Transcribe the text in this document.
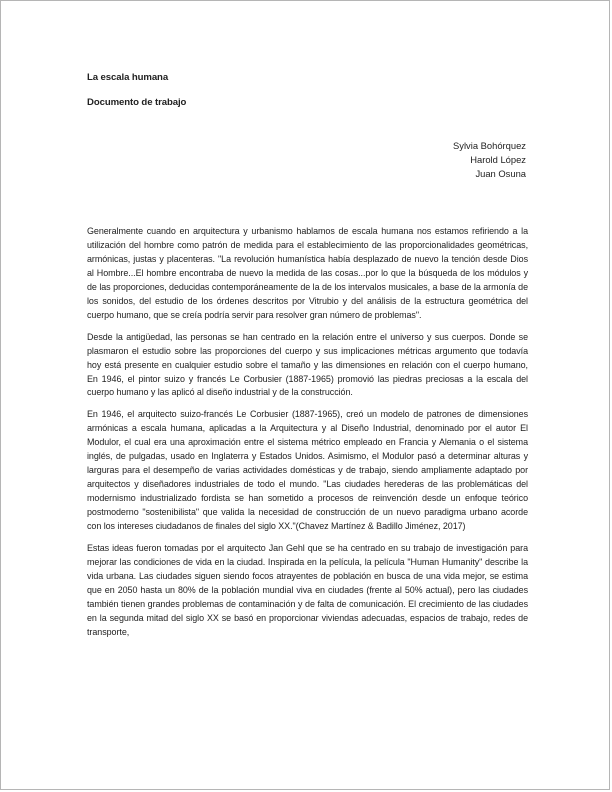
La escala humana
Documento de trabajo
Sylvia Bohórquez
Harold López
Juan Osuna

Generalmente cuando en arquitectura y urbanismo hablamos de escala humana nos estamos refiriendo a la utilización del hombre como patrón de medida para el establecimiento de las proporcionalidades geométricas, armónicas, justas y placenteras. "La revolución humanística había desplazado de nuevo la tención desde Dios al Hombre...El hombre encontraba de nuevo la medida de las cosas...por lo que la búsqueda de los módulos y de las proporciones, deducidas contemporáneamente de la de los intervalos musicales, a base de la armonía de los sonidos, del estudio de los órdenes descritos por Vitrubio y del análisis de la estructura geométrica del cuerpo humano, que se creía podría servir para resolver gran número de problemas".

Desde la antigüedad, las personas se han centrado en la relación entre el universo y sus cuerpos. Donde se plasmaron el estudio sobre las proporciones del cuerpo y sus implicaciones métricas argumento que todavía hoy está presente en cualquier estudio sobre el tamaño y las dimensiones en relación con el cuerpo humano, En 1946, el pintor suizo y francés Le Corbusier (1887-1965) promovió las piedras preciosas a la escala del cuerpo humano y las aplicó al diseño industrial y de la construcción.

En 1946, el arquitecto suizo-francés Le Corbusier (1887-1965), creó un modelo de patrones de dimensiones armónicas a escala humana, aplicadas a la Arquitectura y al Diseño Industrial, denominado por el autor El Modulor, el cual era una aproximación entre el sistema métrico empleado en Francia y Alemania o el sistema inglés, de pulgadas, usado en Inglaterra y Estados Unidos. Asimismo, el Modulor pasó a determinar alturas y larguras para el desempeño de varias actividades domésticas y de trabajo, siendo ampliamente adaptado por arquitectos y diseñadores industriales de todo el mundo. "Las ciudades herederas de las problemáticas del modernismo industrializado fordista se han sometido a procesos de reinvención desde un enfoque teórico postmoderno "sostenibilista" que valida la necesidad de construcción de un nuevo paradigma urbano acorde con los intereses ciudadanos de finales del siglo XX."(Chavez Martínez & Badillo Jiménez, 2017)

Estas ideas fueron tomadas por el arquitecto Jan Gehl que se ha centrado en su trabajo de investigación para mejorar las condiciones de vida en la ciudad. Inspirada en la película, la película "Human Humanity" describe la vida urbana. Las ciudades siguen siendo focos atrayentes de población en busca de una vida mejor, se estima que en 2050 hasta un 80% de la población mundial viva en ciudades (frente al 50% actual), pero las ciudades también tienen grandes problemas de contaminación y de falta de comunicación. El crecimiento de las ciudades en la segunda mitad del siglo XX se basó en proporcionar viviendas adecuadas, espacios de trabajo, redes de transporte,
